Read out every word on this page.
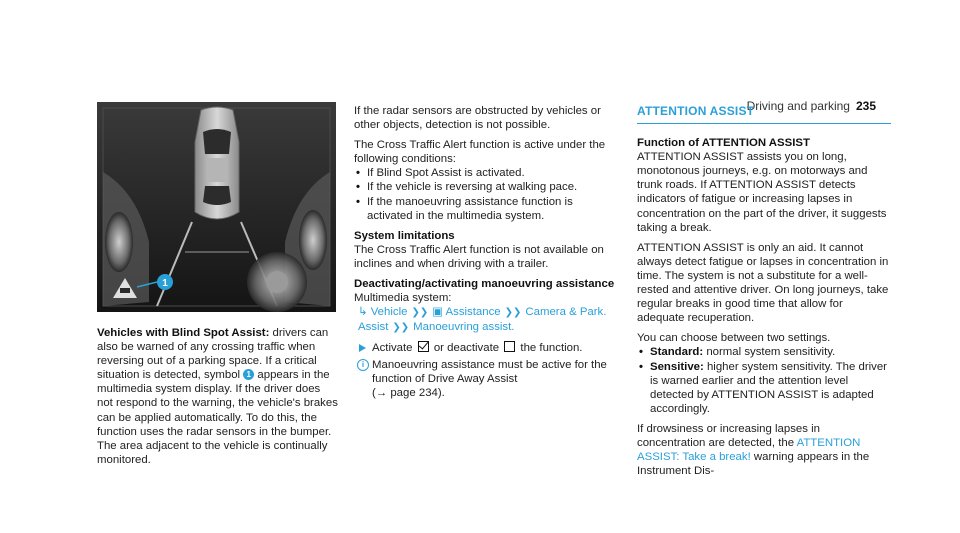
Driving and parking 235
1

Vehicles with Blind Spot Assist: drivers can also be warned of any crossing traffic when reversing out of a parking space. If a critical situation is detected, symbol 1 appears in the multimedia system display. If the driver does not respond to the warning, the vehicle's brakes can be applied automatically. To do this, the function uses the radar sensors in the bumper. The area adjacent to the vehicle is continually monitored.

If the radar sensors are obstructed by vehicles or other objects, detection is not possible.

The Cross Traffic Alert function is active under the following conditions:

• If Blind Spot Assist is activated.
• If the vehicle is reversing at walking pace.
• If the manoeuvring assistance function is activated in the multimedia system.

System limitations

The Cross Traffic Alert function is not available on inclines and when driving with a trailer.

Deactivating/activating manoeuvring assistance

Multimedia system:

↳ Vehicle ❯❯ ▣ Assistance ❯❯ Camera & Park. Assist ❯❯ Manoeuvring assist.

Activate  or deactivate  the function.
i Manoeuvring assistance must be active for the function of Drive Away Assist
(→ page 234).
ATTENTION ASSIST

Function of ATTENTION ASSIST

ATTENTION ASSIST assists you on long, monotonous journeys, e.g. on motorways and trunk roads. If ATTENTION ASSIST detects indicators of fatigue or increasing lapses in concentration on the part of the driver, it suggests taking a break.

ATTENTION ASSIST is only an aid. It cannot always detect fatigue or lapses in concentration in time. The system is not a substitute for a well-rested and attentive driver. On long journeys, take regular breaks in good time that allow for adequate recuperation.

You can choose between two settings.

• Standard: normal system sensitivity.
• Sensitive: higher system sensitivity. The driver is warned earlier and the attention level detected by ATTENTION ASSIST is adapted accordingly.

If drowsiness or increasing lapses in concentration are detected, the ATTENTION ASSIST: Take a break! warning appears in the Instrument Dis-
